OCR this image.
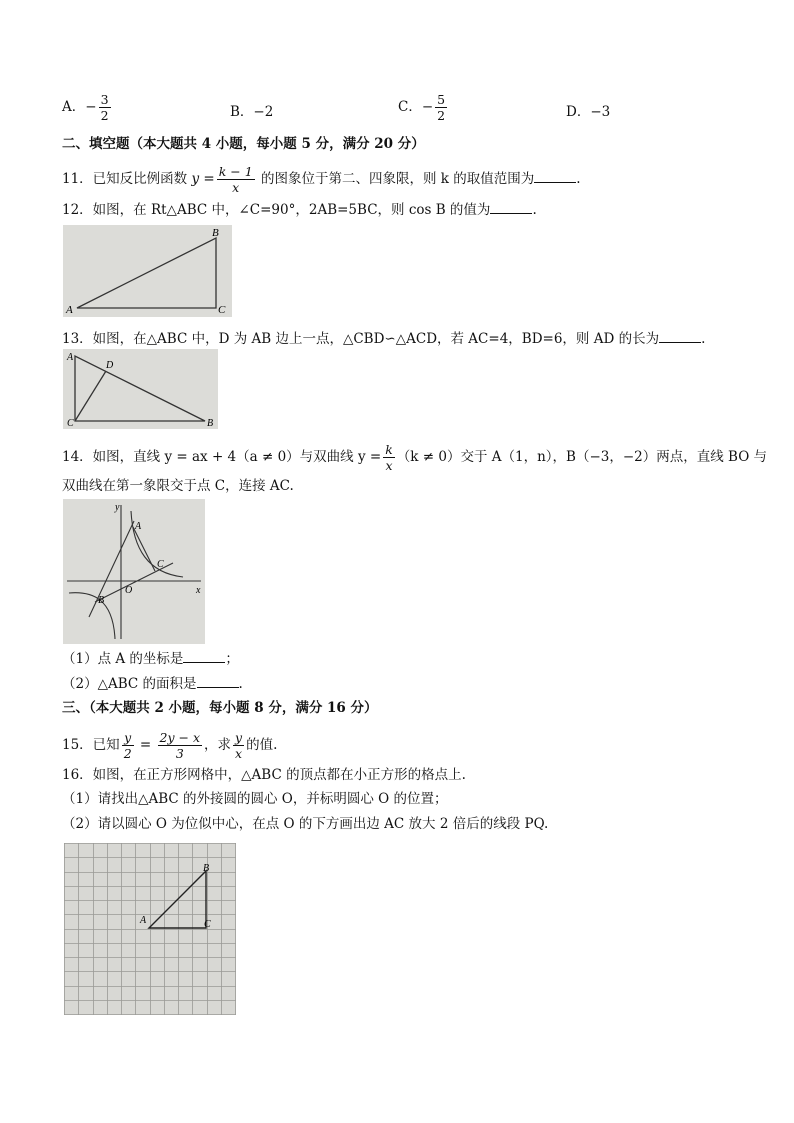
A．− $\frac{3}{2}$	B．−2	C．− $\frac{5}{2}$	D．−3
二、填空题（本大题共 4 小题，每小题 5 分，满分 20 分）
11．已知反比例函数 $y = \frac{k - 1}{x}$ 的图象位于第二、四象限，则 k 的取值范围为	.
12．如图，在 Rt△ABC 中，∠C=90°，2AB=5BC，则 cos B 的值为	.
B
A	C
13．如图，在△ABC 中，D 为 AB 边上一点，△CBD∽△ACD，若 AC=4，BD=6，则 AD 的长为	.
A
D
C	B
14．如图，直线 y = ax + 4（a ≠ 0）与双曲线 $y = \frac{k}{x} (k \ne 0)$交于 A（1，n），B（−3，−2）两点，直线 BO 与
双曲线在第一象限交于点 C，连接 AC.
y
x
O
A
B
C
（1）点 A 的坐标是	；
（2）△ABC 的面积是	.
三、（本大题共 2 小题，每小题 8 分，满分 16 分）
15．已知 $\frac{y}{2} = \frac{2y - x}{3}$ ，求 $\frac{y}{x}$ 的值.
16．如图，在正方形网格中，△ABC 的顶点都在小正方形的格点上.
（1）请找出△ABC 的外接圆的圆心 O，并标明圆心 O 的位置；
（2）请以圆心 O 为位似中心，在点 O 的下方画出边 AC 放大 2 倍后的线段 PQ.
A
B
C
